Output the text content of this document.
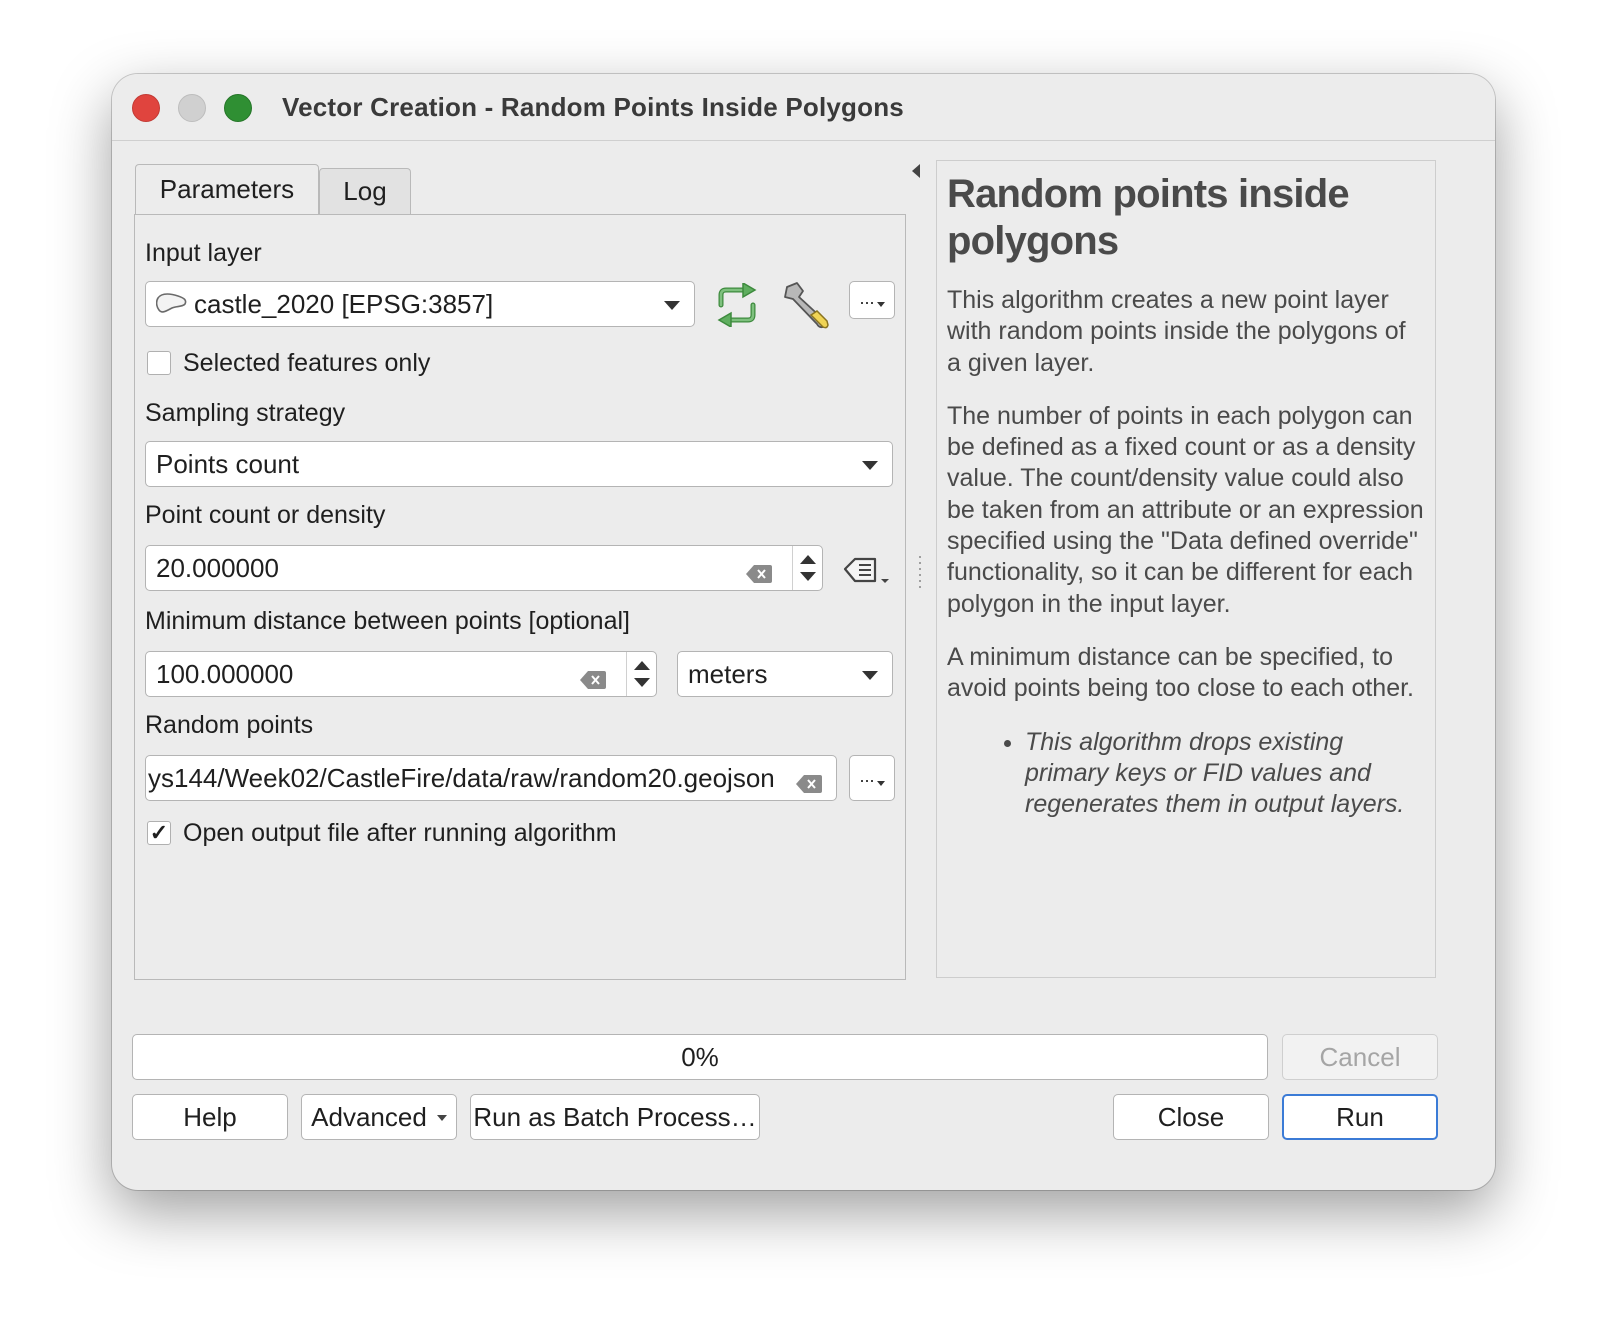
Vector Creation - Random Points Inside Polygons
Parameters	Log
Input layer
castle_2020 [EPSG:3857]	...
Selected features only
Sampling strategy
Points count
Point count or density
20.000000
Minimum distance between points [optional]
100.000000	meters
Random points
ys144/Week02/CastleFire/data/raw/random20.geojson	...
✓ Open output file after running algorithm
Random points inside polygons

This algorithm creates a new point layer with random points inside the polygons of a given layer.

The number of points in each polygon can be defined as a fixed count or as a density value. The count/density value could also be taken from an attribute or an expression specified using the "Data defined override" functionality, so it can be different for each polygon in the input layer.

A minimum distance can be specified, to avoid points being too close to each other.

• This algorithm drops existing primary keys or FID values and regenerates them in output layers.
0%	Cancel
Help	Advanced Run as Batch Process…	Close	Run
